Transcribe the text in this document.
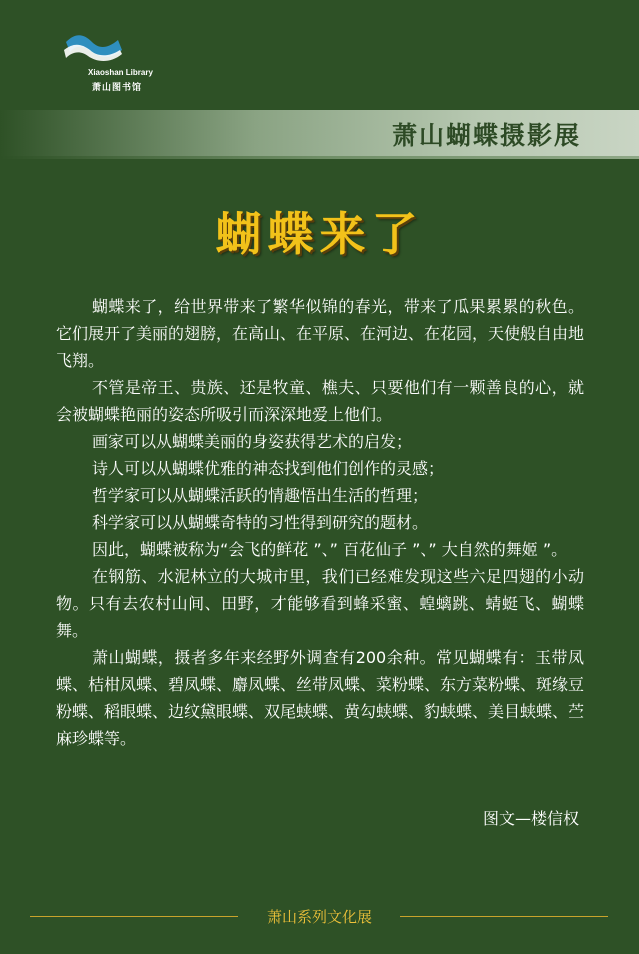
Xiaoshan Library
萧山图书馆
萧山蝴蝶摄影展
蝴蝶来了

蝴蝶来了，给世界带来了繁华似锦的春光，带来了瓜果累累的秋色。它们展开了美丽的翅膀，在高山、在平原、在河边、在花园，天使般自由地飞翔。

不管是帝王、贵族、还是牧童、樵夫、只要他们有一颗善良的心，就会被蝴蝶艳丽的姿态所吸引而深深地爱上他们。

画家可以从蝴蝶美丽的身姿获得艺术的启发；

诗人可以从蝴蝶优雅的神态找到他们创作的灵感；

哲学家可以从蝴蝶活跃的情趣悟出生活的哲理；

科学家可以从蝴蝶奇特的习性得到研究的题材。

因此，蝴蝶被称为“会飞的鲜花 ”、” 百花仙子 ”、” 大自然的舞姬 ”。

在钢筋、水泥林立的大城市里，我们已经难发现这些六足四翅的小动物。只有去农村山间、田野，才能够看到蜂采蜜、蝗螭跳、蜻蜓飞、蝴蝶舞。

萧山蝴蝶，摄者多年来经野外调查有200余种。常见蝴蝶有：玉带凤蝶、桔柑凤蝶、碧凤蝶、麝凤蝶、丝带凤蝶、菜粉蝶、东方菜粉蝶、斑缘豆粉蝶、稻眼蝶、边纹黛眼蝶、双尾蛱蝶、黄勾蛱蝶、豹蛱蝶、美目蛱蝶、苎麻珍蝶等。

图文—楼信权
萧山系列文化展
